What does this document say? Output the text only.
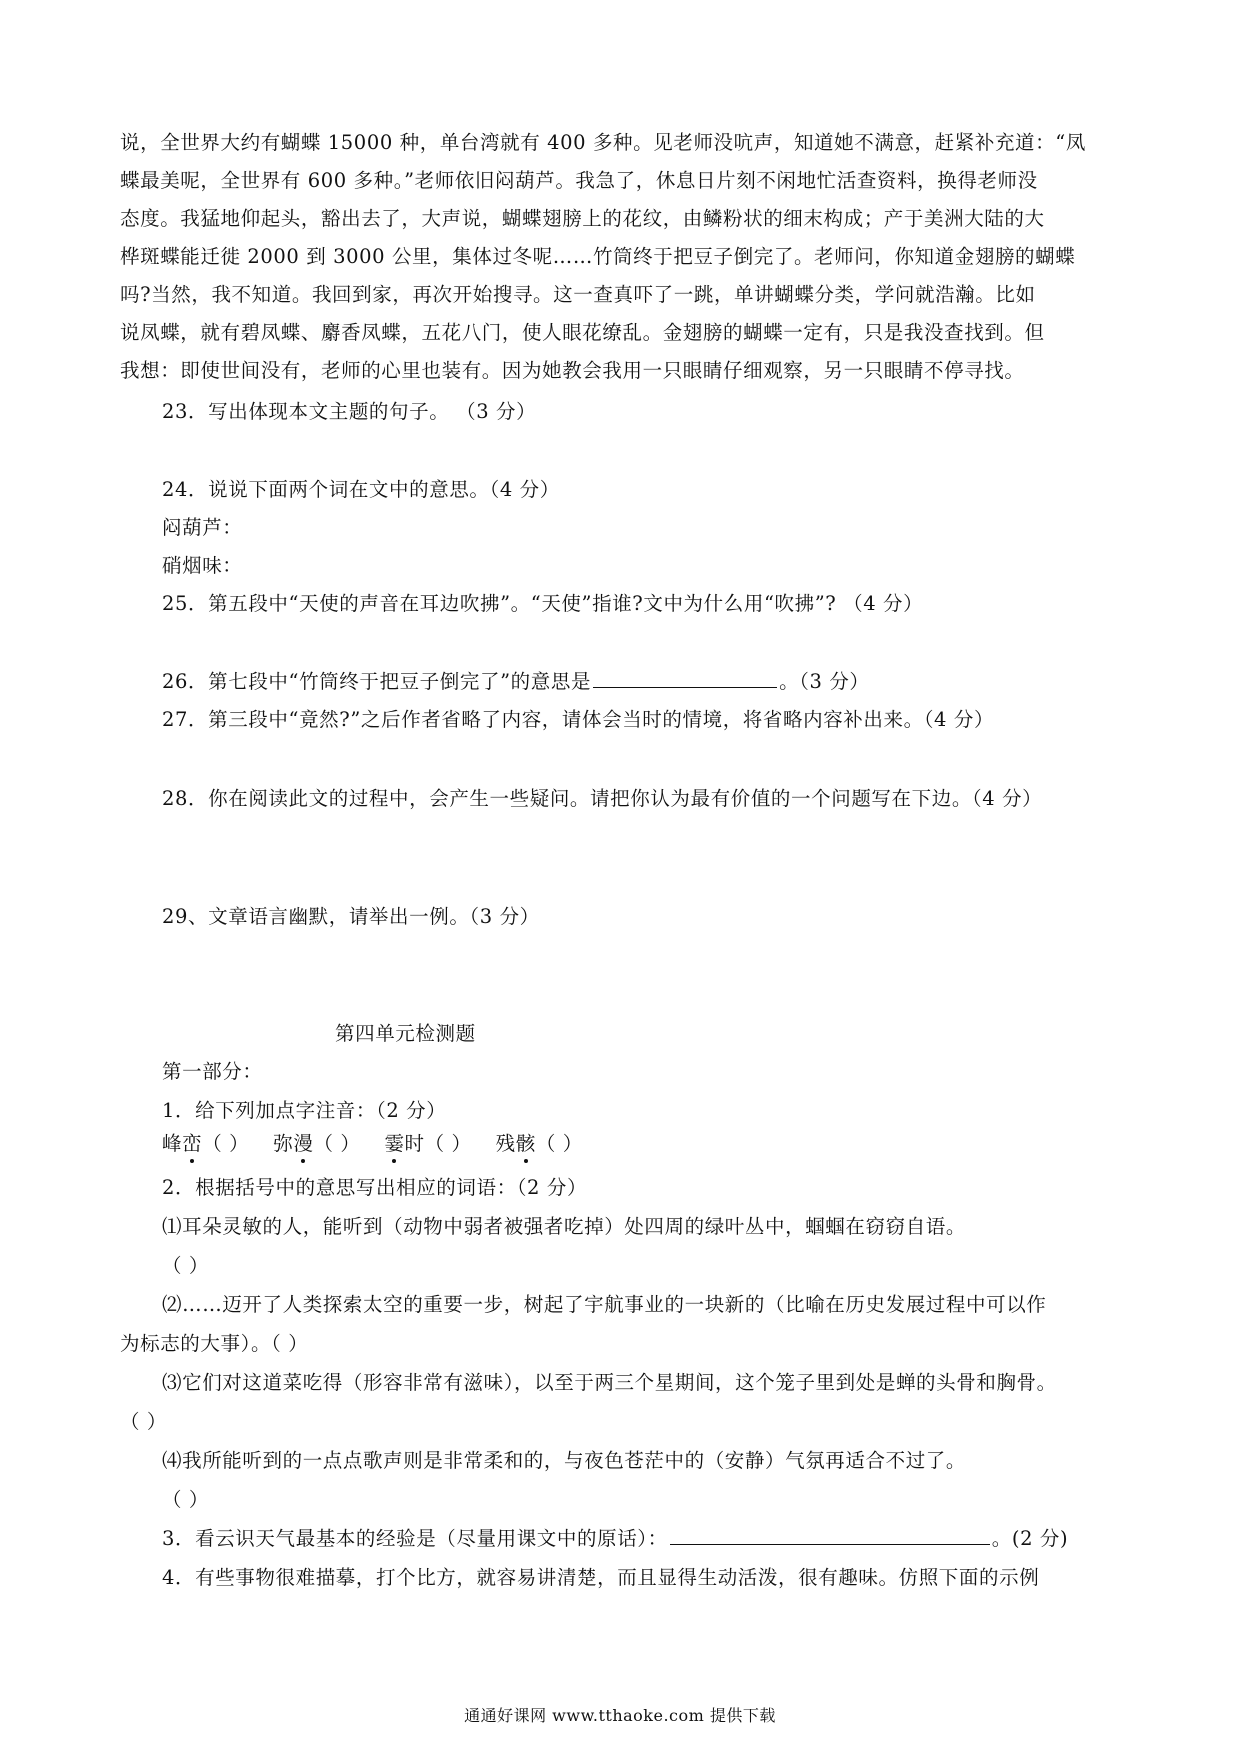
说，全世界大约有蝴蝶 15000 种，单台湾就有 400 多种。见老师没吭声，知道她不满意，赶紧补充道：“凤
蝶最美呢，全世界有 600 多种。”老师依旧闷葫芦。我急了，休息日片刻不闲地忙活查资料，换得老师没
态度。我猛地仰起头，豁出去了，大声说，蝴蝶翅膀上的花纹，由鳞粉状的细末构成；产于美洲大陆的大
桦斑蝶能迁徙 2000 到 3000 公里，集体过冬呢……竹筒终于把豆子倒完了。老师问，你知道金翅膀的蝴蝶
吗?当然，我不知道。我回到家，再次开始搜寻。这一查真吓了一跳，单讲蝴蝶分类，学问就浩瀚。比如
说凤蝶，就有碧凤蝶、麝香凤蝶，五花八门，使人眼花缭乱。金翅膀的蝴蝶一定有，只是我没查找到。但
我想：即使世间没有，老师的心里也装有。因为她教会我用一只眼睛仔细观察，另一只眼睛不停寻找。
23．写出体现本文主题的句子。 （3 分）
24．说说下面两个词在文中的意思。（4 分）
闷葫芦：
硝烟味：
25．第五段中“天使的声音在耳边吹拂”。“天使”指谁?文中为什么用“吹拂”? （4 分）
26．第七段中“竹筒终于把豆子倒完了”的意思是	。（3 分）
27．第三段中“竟然?”之后作者省略了内容，请体会当时的情境，将省略内容补出来。（4 分）
28．你在阅读此文的过程中，会产生一些疑问。请把你认为最有价值的一个问题写在下边。（4 分）
29、文章语言幽默，请举出一例。（3 分）
第四单元检测题
第一部分：
1．给下列加点字注音：（2 分）
峰峦（ ） 弥漫（ ） 霎时（ ） 残骸（ ）
2．根据括号中的意思写出相应的词语：（2 分）
⑴耳朵灵敏的人，能听到（动物中弱者被强者吃掉）处四周的绿叶丛中，蝈蝈在窃窃自语。
（ ）
⑵……迈开了人类探索太空的重要一步，树起了宇航事业的一块新的（比喻在历史发展过程中可以作
为标志的大事）。（ ）
⑶它们对这道菜吃得（形容非常有滋味），以至于两三个星期间，这个笼子里到处是蝉的头骨和胸骨。
（ ）
⑷我所能听到的一点点歌声则是非常柔和的，与夜色苍茫中的（安静）气氛再适合不过了。
（ ）
3．看云识天气最基本的经验是（尽量用课文中的原话）：	。(2 分)
4．有些事物很难描摹，打个比方，就容易讲清楚，而且显得生动活泼，很有趣味。仿照下面的示例
通通好课网 www.tthaoke.com 提供下载
